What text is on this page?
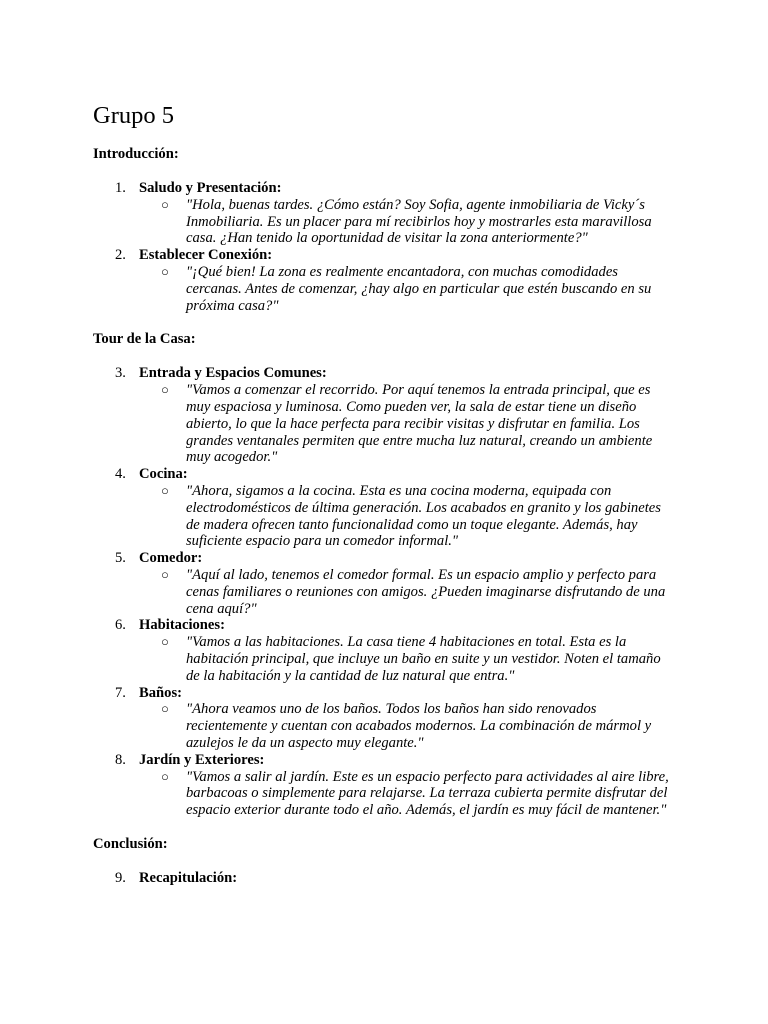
Grupo 5

Introducción:

1. Saludo y Presentación:
○ "Hola, buenas tardes. ¿Cómo están? Soy Sofia, agente inmobiliaria de Vicky´s Inmobiliaria. Es un placer para mí recibirlos hoy y mostrarles esta maravillosa casa. ¿Han tenido la oportunidad de visitar la zona anteriormente?"
2. Establecer Conexión:
○ "¡Qué bien! La zona es realmente encantadora, con muchas comodidades cercanas. Antes de comenzar, ¿hay algo en particular que estén buscando en su próxima casa?"

Tour de la Casa:

3. Entrada y Espacios Comunes:
○ "Vamos a comenzar el recorrido. Por aquí tenemos la entrada principal, que es muy espaciosa y luminosa. Como pueden ver, la sala de estar tiene un diseño abierto, lo que la hace perfecta para recibir visitas y disfrutar en familia. Los grandes ventanales permiten que entre mucha luz natural, creando un ambiente muy acogedor."
4. Cocina:
○ "Ahora, sigamos a la cocina. Esta es una cocina moderna, equipada con electrodomésticos de última generación. Los acabados en granito y los gabinetes de madera ofrecen tanto funcionalidad como un toque elegante. Además, hay suficiente espacio para un comedor informal."
5. Comedor:
○ "Aquí al lado, tenemos el comedor formal. Es un espacio amplio y perfecto para cenas familiares o reuniones con amigos. ¿Pueden imaginarse disfrutando de una cena aquí?"
6. Habitaciones:
○ "Vamos a las habitaciones. La casa tiene 4 habitaciones en total. Esta es la habitación principal, que incluye un baño en suite y un vestidor. Noten el tamaño de la habitación y la cantidad de luz natural que entra."
7. Baños:
○ "Ahora veamos uno de los baños. Todos los baños han sido renovados recientemente y cuentan con acabados modernos. La combinación de mármol y azulejos le da un aspecto muy elegante."
8. Jardín y Exteriores:
○ "Vamos a salir al jardín. Este es un espacio perfecto para actividades al aire libre, barbacoas o simplemente para relajarse. La terraza cubierta permite disfrutar del espacio exterior durante todo el año. Además, el jardín es muy fácil de mantener."

Conclusión:

9. Recapitulación:
